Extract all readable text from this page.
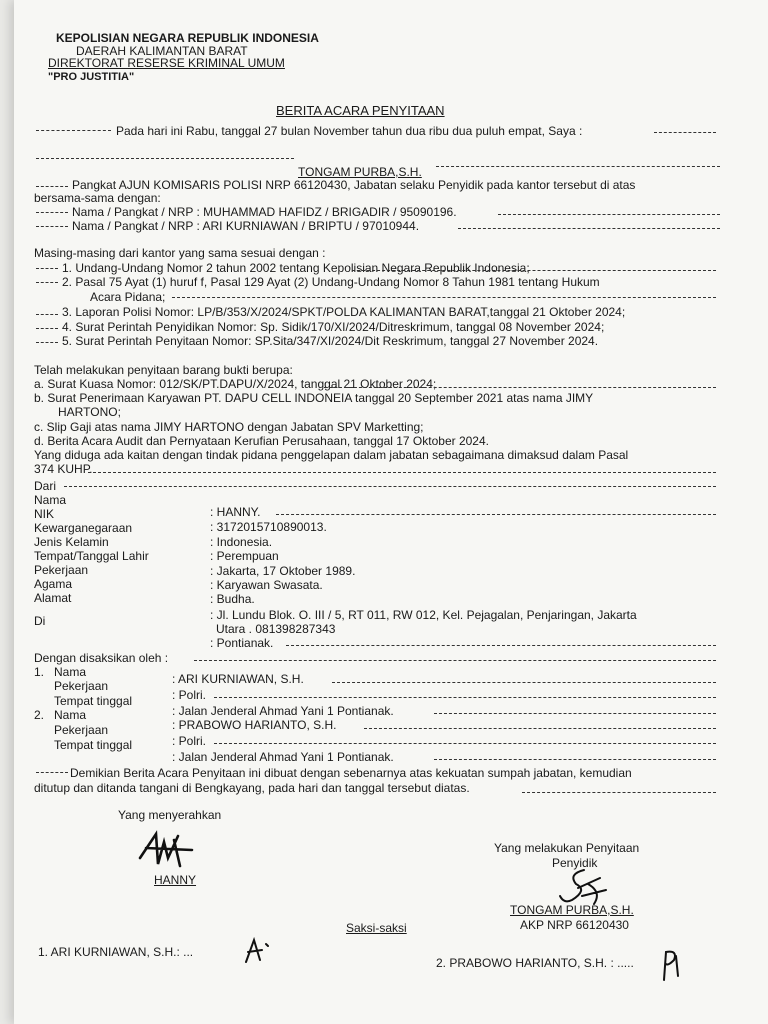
KEPOLISIAN NEGARA REPUBLIK INDONESIA
DAERAH KALIMANTAN BARAT
DIREKTORAT RESERSE KRIMINAL UMUM
"PRO JUSTITIA"
BERITA ACARA PENYITAAN
Pada hari ini Rabu, tanggal 27 bulan November tahun dua ribu dua puluh empat, Saya :
TONGAM PURBA,S.H.
Pangkat AJUN KOMISARIS POLISI NRP 66120430, Jabatan selaku Penyidik pada kantor tersebut di atas
bersama-sama dengan:
Nama / Pangkat / NRP : MUHAMMAD HAFIDZ / BRIGADIR / 95090196.
Nama / Pangkat / NRP : ARI KURNIAWAN / BRIPTU / 97010944.
Masing-masing dari kantor yang sama sesuai dengan :
1. Undang-Undang Nomor 2 tahun 2002 tentang Kepolisian Negara Republik Indonesia;
2. Pasal 75 Ayat (1) huruf f, Pasal 129 Ayat (2) Undang-Undang Nomor 8 Tahun 1981 tentang Hukum
Acara Pidana;
3. Laporan Polisi Nomor: LP/B/353/X/2024/SPKT/POLDA KALIMANTAN BARAT,tanggal 21 Oktober 2024;
4. Surat Perintah Penyidikan Nomor: Sp. Sidik/170/XI/2024/Ditreskrimum, tanggal 08 November 2024;
5. Surat Perintah Penyitaan Nomor: SP.Sita/347/XI/2024/Dit Reskrimum, tanggal 27 November 2024.
Telah melakukan penyitaan barang bukti berupa:
a. Surat Kuasa Nomor: 012/SK/PT.DAPU/X/2024, tanggal 21 Oktober 2024;
b. Surat Penerimaan Karyawan PT. DAPU CELL INDONEIA tanggal 20 September 2021 atas nama JIMY
HARTONO;
c. Slip Gaji atas nama JIMY HARTONO dengan Jabatan SPV Marketting;
d. Berita Acara Audit dan Pernyataan Kerufian Perusahaan, tanggal 17 Oktober 2024.
Yang diduga ada kaitan dengan tindak pidana penggelapan dalam jabatan sebagaimana dimaksud dalam Pasal
374 KUHP.
Dari
Nama
: HANNY.
NIK
: 3172015710890013.
Kewarganegaraan
: Indonesia.
Jenis Kelamin
: Perempuan
Tempat/Tanggal Lahir
: Jakarta, 17 Oktober 1989.
Pekerjaan
: Karyawan Swasata.
Agama
: Budha.
Alamat
: Jl. Lundu Blok. O. III / 5, RT 011, RW 012, Kel. Pejagalan, Penjaringan, Jakarta
Utara . 081398287343
Di
: Pontianak.
Dengan disaksikan oleh :
1. Nama	: ARI KURNIAWAN, S.H.
Pekerjaan
: Polri.
Tempat tinggal
: Jalan Jenderal Ahmad Yani 1 Pontianak.
2. Nama
: PRABOWO HARIANTO, S.H.
Pekerjaan
: Polri.
Tempat tinggal
: Jalan Jenderal Ahmad Yani 1 Pontianak.
Demikian Berita Acara Penyitaan ini dibuat dengan sebenarnya atas kekuatan sumpah jabatan, kemudian
ditutup dan ditanda tangani di Bengkayang, pada hari dan tanggal tersebut diatas.
Yang menyerahkan
HANNY
Yang melakukan Penyitaan
Penyidik
TONGAM PURBA,S.H.
AKP NRP 66120430
Saksi-saksi
1. ARI KURNIAWAN, S.H.: ...
2. PRABOWO HARIANTO, S.H. : .....
